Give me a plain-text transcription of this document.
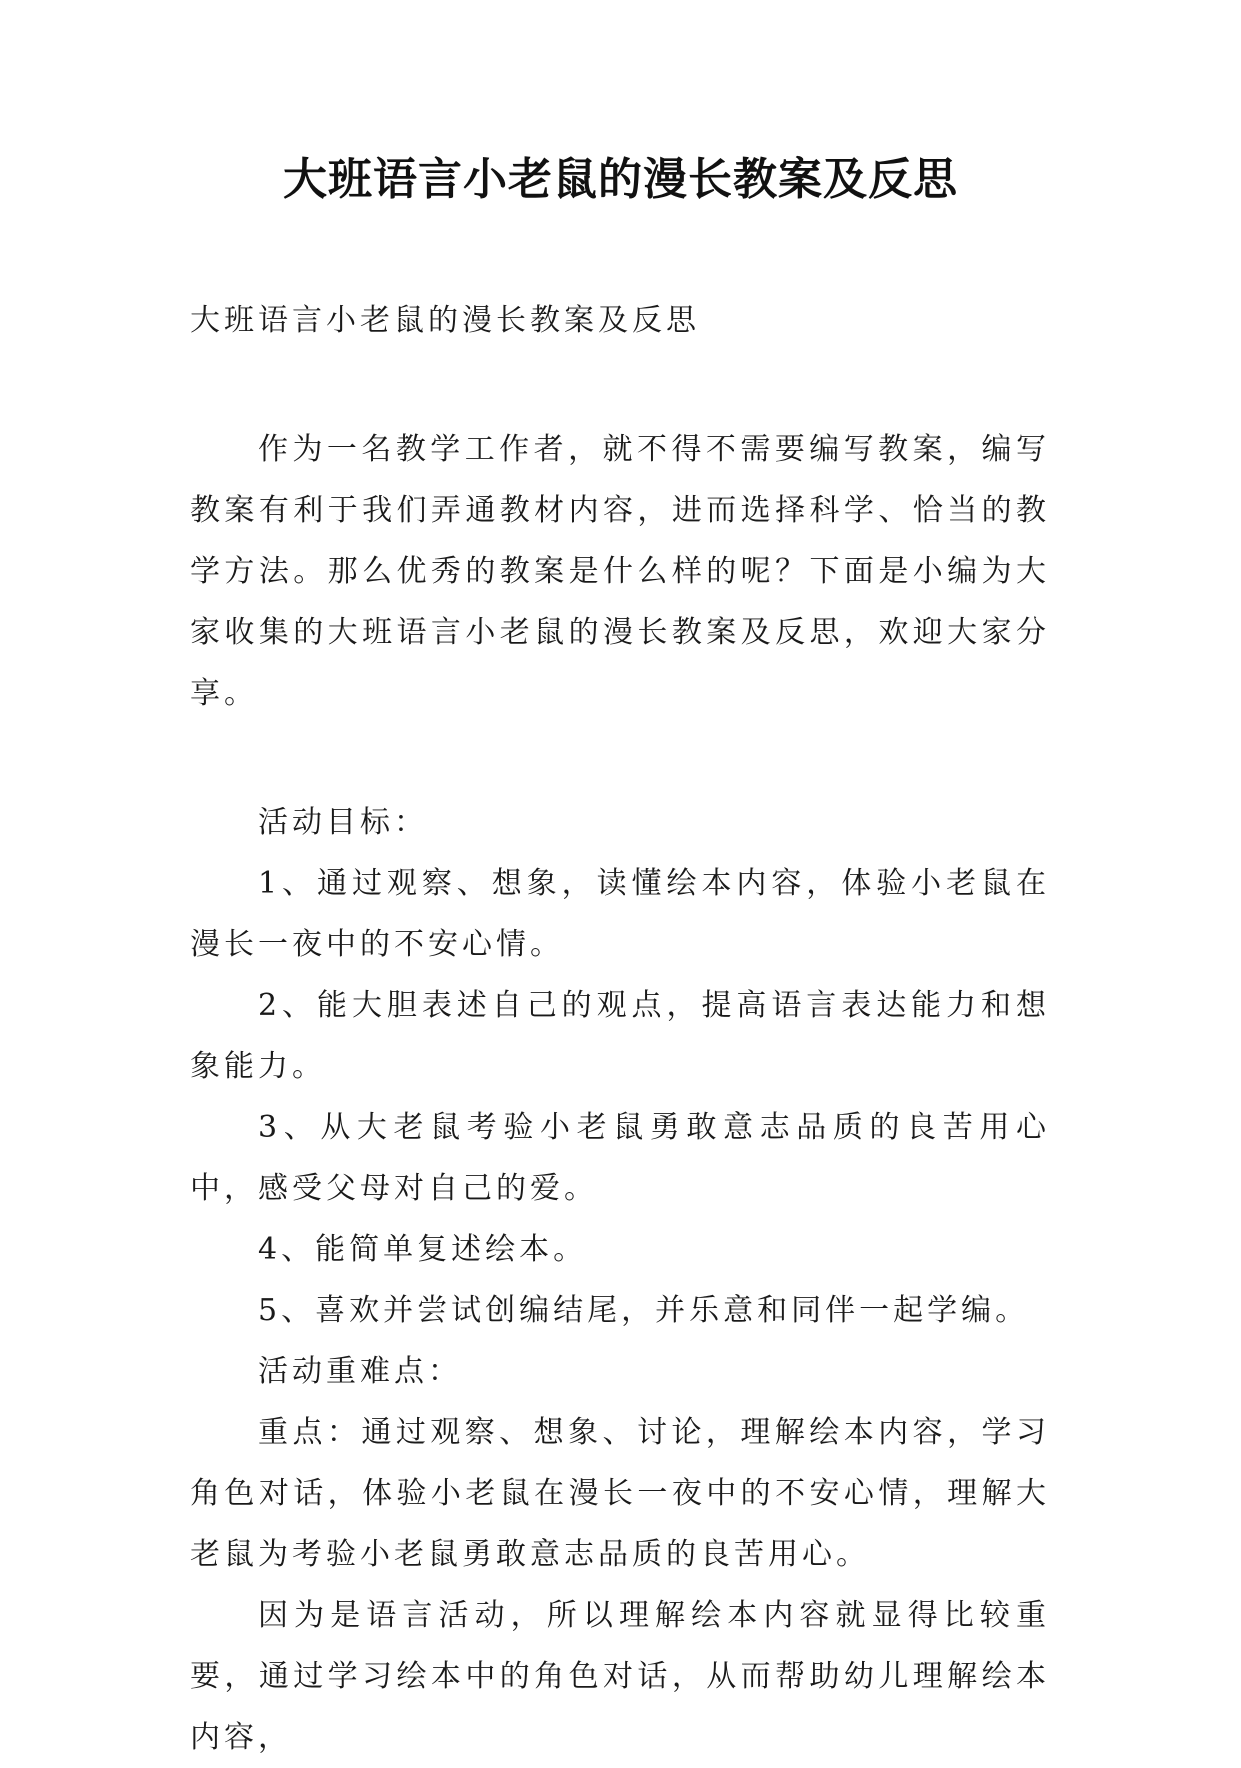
大班语言小老鼠的漫长教案及反思

大班语言小老鼠的漫长教案及反思

作为一名教学工作者，就不得不需要编写教案，编写教案有利于我们弄通教材内容，进而选择科学、恰当的教学方法。那么优秀的教案是什么样的呢？下面是小编为大家收集的大班语言小老鼠的漫长教案及反思，欢迎大家分享。

活动目标：

1、通过观察、想象，读懂绘本内容，体验小老鼠在漫长一夜中的不安心情。

2、能大胆表述自己的观点，提高语言表达能力和想象能力。

3、从大老鼠考验小老鼠勇敢意志品质的良苦用心中，感受父母对自己的爱。

4、能简单复述绘本。

5、喜欢并尝试创编结尾，并乐意和同伴一起学编。

活动重难点：

重点：通过观察、想象、讨论，理解绘本内容，学习角色对话，体验小老鼠在漫长一夜中的不安心情，理解大老鼠为考验小老鼠勇敢意志品质的良苦用心。

因为是语言活动，所以理解绘本内容就显得比较重要，通过学习绘本中的角色对话，从而帮助幼儿理解绘本内容，
